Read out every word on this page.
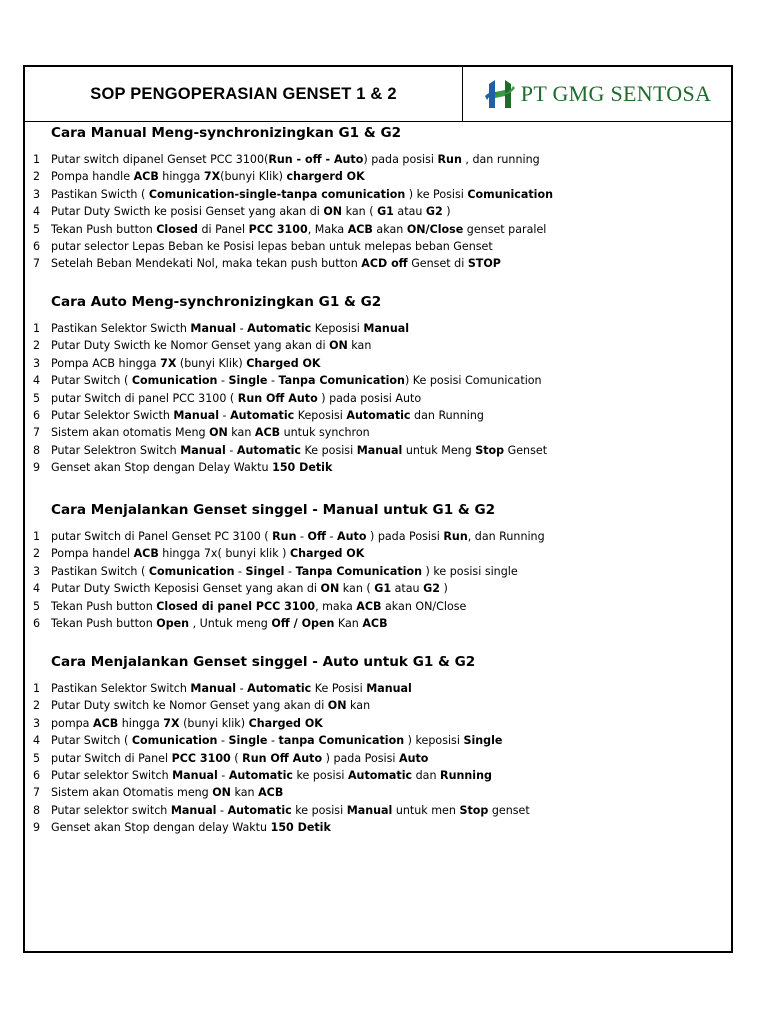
SOP PENGOPERASIAN GENSET 1 & 2	PT GMG SENTOSA
Cara Manual Meng-synchronizingkan G1 & G2
1 Putar switch dipanel Genset PCC 3100(Run - off - Auto) pada posisi Run , dan running
2 Pompa handle ACB hingga 7X(bunyi Klik) chargerd OK
3 Pastikan Swicth ( Comunication-single-tanpa comunication ) ke Posisi Comunication
4 Putar Duty Swicth ke posisi Genset yang akan di ON kan ( G1 atau G2 )
5 Tekan Push button Closed di Panel PCC 3100, Maka ACB akan ON/Close genset paralel
6 putar selector Lepas Beban ke Posisi lepas beban untuk melepas beban Genset
7 Setelah Beban Mendekati Nol, maka tekan push button ACD off Genset di STOP
Cara Auto Meng-synchronizingkan G1 & G2
1 Pastikan Selektor Swicth Manual - Automatic Keposisi Manual
2 Putar Duty Swicth ke Nomor Genset yang akan di ON kan
3 Pompa ACB hingga 7X (bunyi Klik) Charged OK
4 Putar Switch ( Comunication - Single - Tanpa Comunication) Ke posisi Comunication
5 putar Switch di panel PCC 3100 ( Run Off Auto ) pada posisi Auto
6 Putar Selektor Swicth Manual - Automatic Keposisi Automatic dan Running
7 Sistem akan otomatis Meng ON kan ACB untuk synchron
8 Putar Selektron Switch Manual - Automatic Ke posisi Manual untuk Meng Stop Genset
9 Genset akan Stop dengan Delay Waktu 150 Detik
Cara Menjalankan Genset singgel - Manual untuk G1 & G2
1 putar Switch di Panel Genset PC 3100 ( Run - Off - Auto ) pada Posisi Run, dan Running
2 Pompa handel ACB hingga 7x( bunyi klik ) Charged OK
3 Pastikan Switch ( Comunication - Singel - Tanpa Comunication ) ke posisi single
4 Putar Duty Swicth Keposisi Genset yang akan di ON kan ( G1 atau G2 )
5 Tekan Push button Closed di panel PCC 3100, maka ACB akan ON/Close
6 Tekan Push button Open , Untuk meng Off / Open Kan ACB
Cara Menjalankan Genset singgel - Auto untuk G1 & G2
1 Pastikan Selektor Switch Manual - Automatic Ke Posisi Manual
2 Putar Duty switch ke Nomor Genset yang akan di ON kan
3 pompa ACB hingga 7X (bunyi klik) Charged OK
4 Putar Switch ( Comunication - Single - tanpa Comunication ) keposisi Single
5 putar Switch di Panel PCC 3100 ( Run Off Auto ) pada Posisi Auto
6 Putar selektor Switch Manual - Automatic ke posisi Automatic dan Running
7 Sistem akan Otomatis meng ON kan ACB
8 Putar selektor switch Manual - Automatic ke posisi Manual untuk men Stop genset
9 Genset akan Stop dengan delay Waktu 150 Detik
